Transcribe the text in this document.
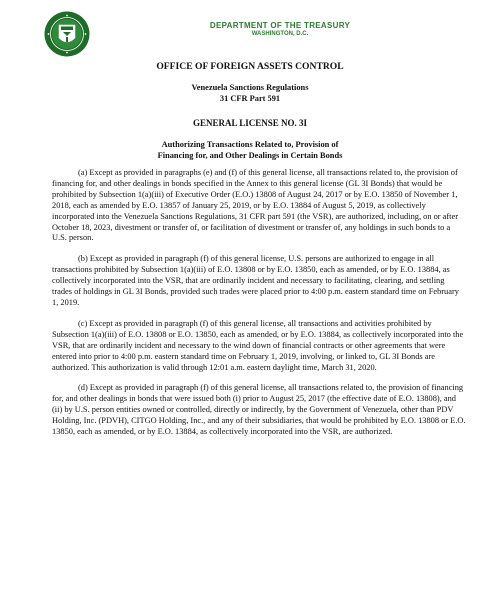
DEPARTMENT OF THE TREASURY
WASHINGTON, D.C.
OFFICE OF FOREIGN ASSETS CONTROL
Venezuela Sanctions Regulations
31 CFR Part 591
GENERAL LICENSE NO. 3I
Authorizing Transactions Related to, Provision of
Financing for, and Other Dealings in Certain Bonds

(a) Except as provided in paragraphs (e) and (f) of this general license, all transactions related to, the provision of financing for, and other dealings in bonds specified in the Annex to this general license (GL 3I Bonds) that would be prohibited by Subsection 1(a)(iii) of Executive Order (E.O.) 13808 of August 24, 2017 or by E.O. 13850 of November 1, 2018, each as amended by E.O. 13857 of January 25, 2019, or by E.O. 13884 of August 5, 2019, as collectively incorporated into the Venezuela Sanctions Regulations, 31 CFR part 591 (the VSR), are authorized, including, on or after October 18, 2023, divestment or transfer of, or facilitation of divestment or transfer of, any holdings in such bonds to a U.S. person.

(b) Except as provided in paragraph (f) of this general license, U.S. persons are authorized to engage in all transactions prohibited by Subsection 1(a)(iii) of E.O. 13808 or by E.O. 13850, each as amended, or by E.O. 13884, as collectively incorporated into the VSR, that are ordinarily incident and necessary to facilitating, clearing, and settling trades of holdings in GL 3I Bonds, provided such trades were placed prior to 4:00 p.m. eastern standard time on February 1, 2019.

(c) Except as provided in paragraph (f) of this general license, all transactions and activities prohibited by Subsection 1(a)(iii) of E.O. 13808 or E.O. 13850, each as amended, or by E.O. 13884, as collectively incorporated into the VSR, that are ordinarily incident and necessary to the wind down of financial contracts or other agreements that were entered into prior to 4:00 p.m. eastern standard time on February 1, 2019, involving, or linked to, GL 3I Bonds are authorized. This authorization is valid through 12:01 a.m. eastern daylight time, March 31, 2020.

(d) Except as provided in paragraph (f) of this general license, all transactions related to, the provision of financing for, and other dealings in bonds that were issued both (i) prior to August 25, 2017 (the effective date of E.O. 13808), and (ii) by U.S. person entities owned or controlled, directly or indirectly, by the Government of Venezuela, other than PDV Holding, Inc. (PDVH), CITGO Holding, Inc., and any of their subsidiaries, that would be prohibited by E.O. 13808 or E.O. 13850, each as amended, or by E.O. 13884, as collectively incorporated into the VSR, are authorized.
